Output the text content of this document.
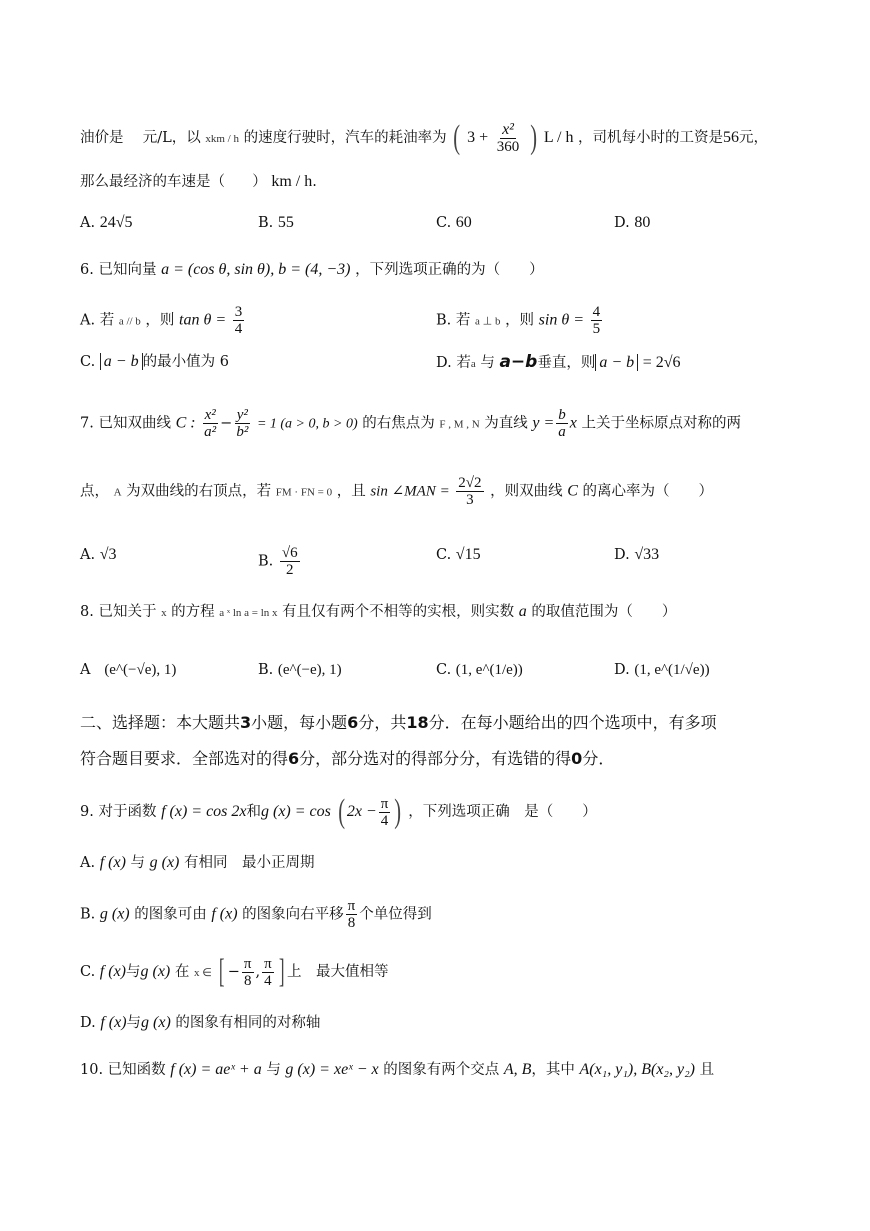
油价是 元/L，以 xkm / h 的速度行驶时，汽车的耗油率为 ( $3 + \frac{\text{x²}}{360}$ ) L / h ，司机每小时的工资是56元，
那么最经济的车速是（ ） km / h.
A. 24√5	B. 55	C. 60	D. 80
6. 已知向量 a = (cos θ, sin θ), b = (4, −3) ，下列选项正确的为（　　）
A. 若 a // b ，则 $\tan \theta = \frac{3}{4}$	B. 若 a ⊥ b ，则 $\sin \theta = \frac{4}{5}$
C. a − b 的最小值为 6	D. 若a 与 a−b垂直，则 a − b = 2√6
7. 已知双曲线 C : $\frac{\text{x²}}{\text{a²}} - \frac{\text{y²}}{\text{b²}} = 1$ (a > 0, b > 0) 的右焦点为 F , M , N 为直线 $y = \frac{b}{a}$ x 上关于坐标原点对称的两
点， A 为双曲线的右顶点，若 FM · FN = 0 ，且 sin ∠MAN = $\frac{2√2}{3}$ ，则双曲线 C 的离心率为（　　）
A. √3	B. $\frac{√6}{2}$	C. √15	D. √33
8. 已知关于 x 的方程 a ˣ ln a = ln x 有且仅有两个不相等的实根，则实数 a 的取值范围为（　　）
A (e^(−√e), 1)	B. (e^(−e), 1)	C. (1, e^(1/e))	D. (1, e^(1/√e))
二、选择题：本大题共3小题，每小题6分，共18分．在每小题给出的四个选项中，有多项
符合题目要求．全部选对的得6分，部分选对的得部分分，有选错的得0分．
9. 对于函数 f (x) = cos 2x和g (x) = cos ( $2x - \frac{\pi}{4}$ ) ，下列选项正确　是（　　）
A. f (x) 与 g (x) 有相同　最小正周期
B. g (x) 的图象可由 f (x) 的图象向右平移 $\frac{\pi}{8}$ 个单位得到
C. f (x)与g (x) 在 x ∈ [ − $\frac{\pi}{8}$ , $\frac{\pi}{4}$ ] 上　最大值相等
D. f (x)与g (x) 的图象有相同的对称轴
10. 已知函数 f (x) = aeˣ + a 与 g (x) = xeˣ − x 的图象有两个交点 A, B，其中 A(x₁, y₁), B(x₂, y₂) 且
